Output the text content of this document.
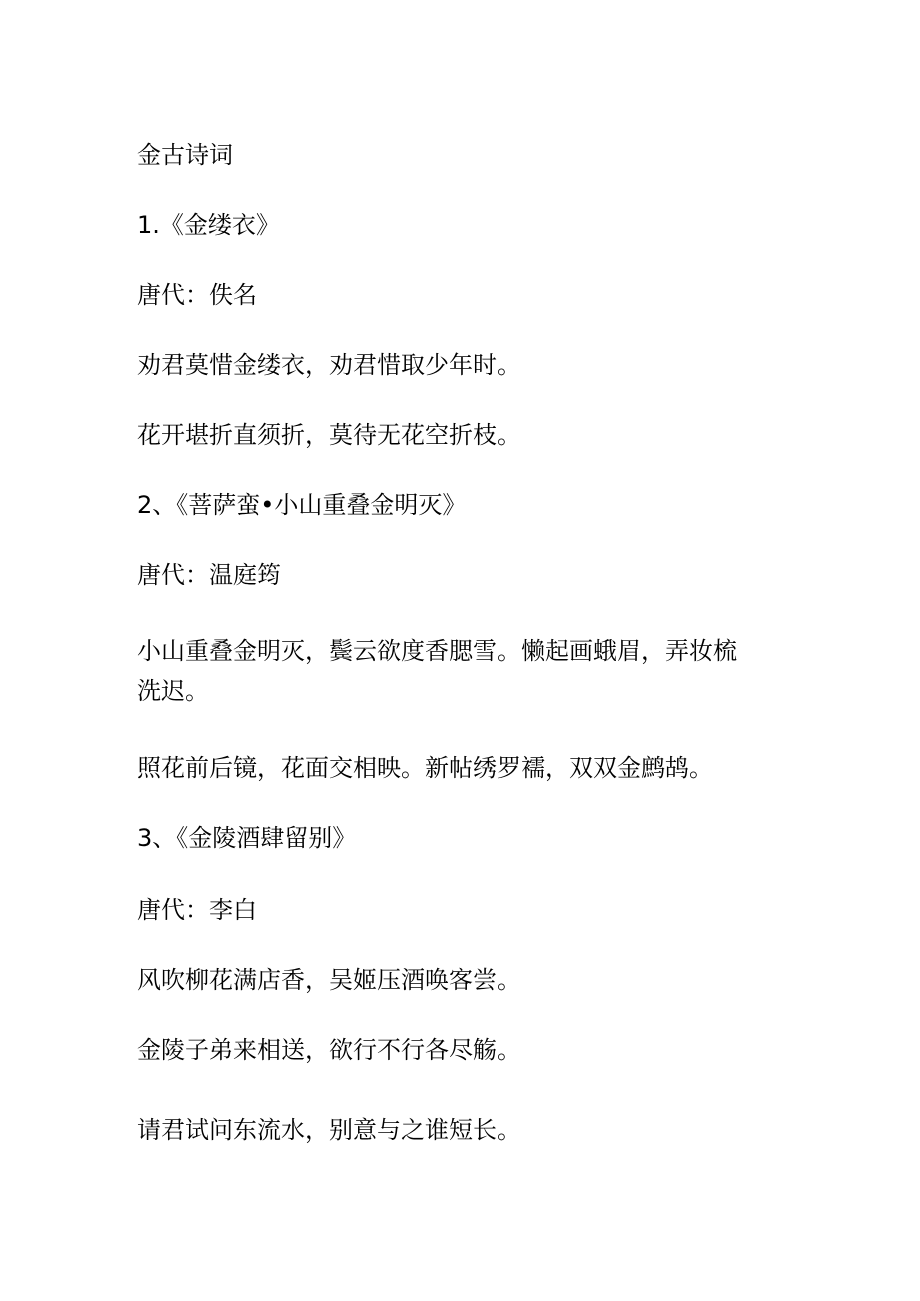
金古诗词
1.《金缕衣》
唐代：佚名
劝君莫惜金缕衣，劝君惜取少年时。
花开堪折直须折，莫待无花空折枝。
2、《菩萨蛮•小山重叠金明灭》
唐代：温庭筠
小山重叠金明灭，鬓云欲度香腮雪。懒起画蛾眉，弄妆梳洗迟。
照花前后镜，花面交相映。新帖绣罗襦，双双金鹧鸪。
3、《金陵酒肆留别》
唐代：李白
风吹柳花满店香，吴姬压酒唤客尝。
金陵子弟来相送，欲行不行各尽觞。
请君试问东流水，别意与之谁短长。
